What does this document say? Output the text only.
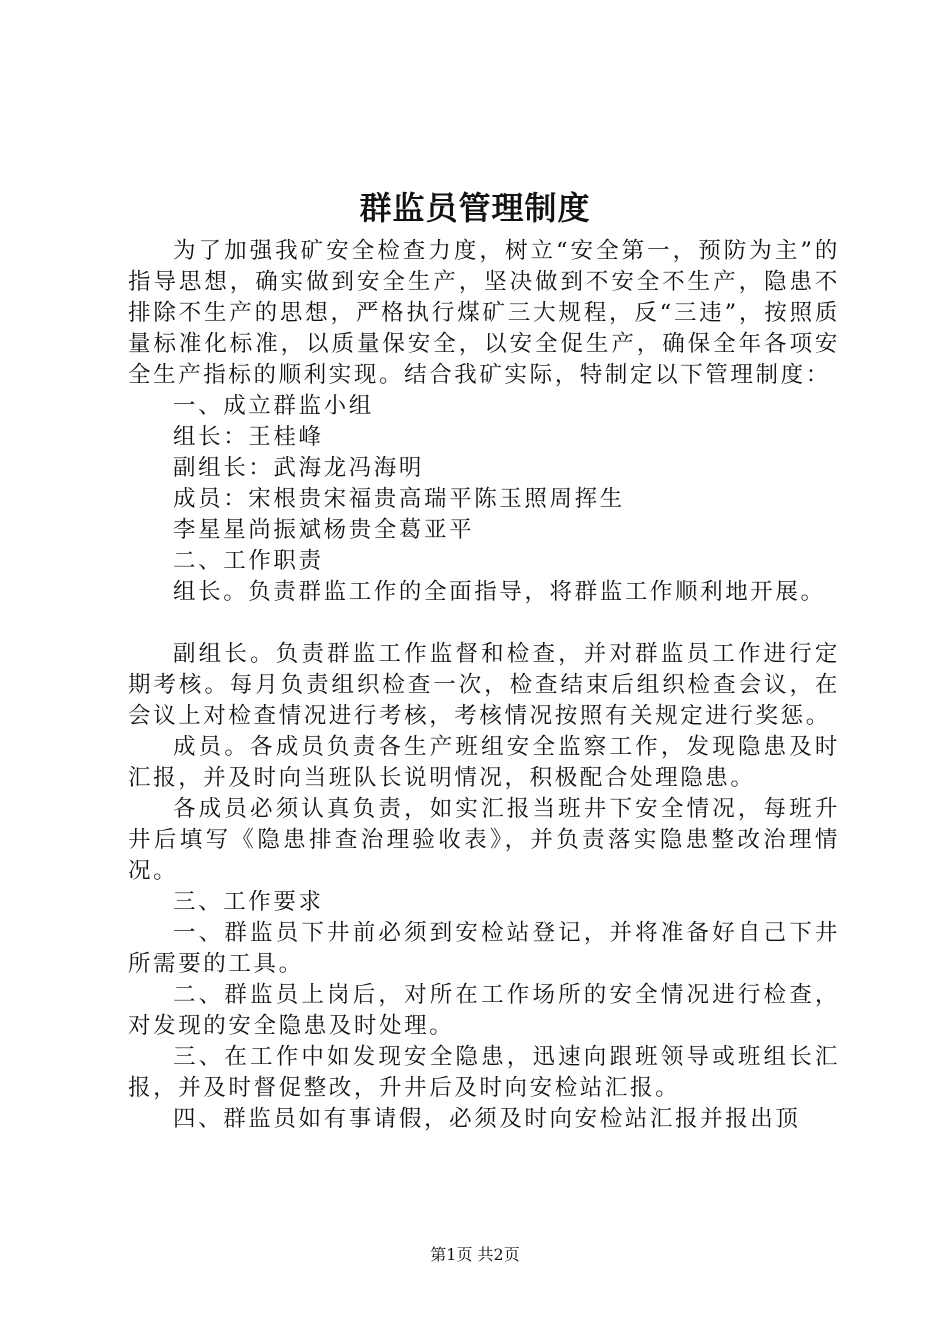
群监员管理制度

为了加强我矿安全检查力度，树立“安全第一，预防为主”的指导思想，确实做到安全生产，坚决做到不安全不生产，隐患不排除不生产的思想，严格执行煤矿三大规程，反“三违”，按照质量标准化标准，以质量保安全，以安全促生产，确保全年各项安全生产指标的顺利实现。结合我矿实际，特制定以下管理制度：

一、成立群监小组

组长：王桂峰

副组长：武海龙冯海明

成员：宋根贵宋福贵高瑞平陈玉照周挥生

李星星尚振斌杨贵全葛亚平

二、工作职责

组长。负责群监工作的全面指导，将群监工作顺利地开展。

副组长。负责群监工作监督和检查，并对群监员工作进行定期考核。每月负责组织检查一次，检查结束后组织检查会议，在会议上对检查情况进行考核，考核情况按照有关规定进行奖惩。

成员。各成员负责各生产班组安全监察工作，发现隐患及时汇报，并及时向当班队长说明情况，积极配合处理隐患。

各成员必须认真负责，如实汇报当班井下安全情况，每班升井后填写《隐患排查治理验收表》，并负责落实隐患整改治理情况。

三、工作要求

一、群监员下井前必须到安检站登记，并将准备好自己下井所需要的工具。

二、群监员上岗后，对所在工作场所的安全情况进行检查，对发现的安全隐患及时处理。

三、在工作中如发现安全隐患，迅速向跟班领导或班组长汇报，并及时督促整改，升井后及时向安检站汇报。

四、群监员如有事请假，必须及时向安检站汇报并报出顶

第1页 共2页
